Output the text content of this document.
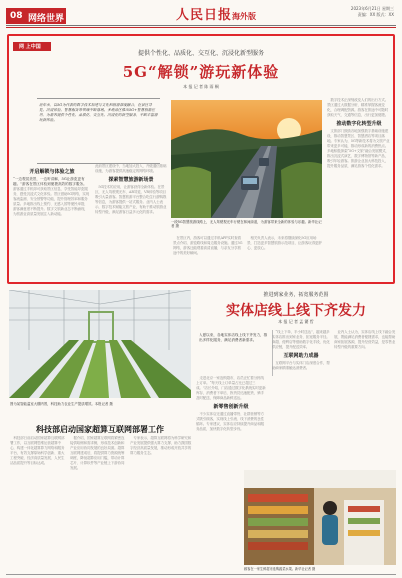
08 网络世界	人民日报海外版
2023年6月21日 星期三
责编：XX 版式：XX
网 上中国
提供个性化、品质化、交互化、沉浸化新型服务
5G“解锁”游玩新体验
本 报 记 者 陈 雨 桐

近年来，以5G为代表的数字技术加速与文化和旅游深度融合，在景区导览、沉浸体验、智慧服务等领域不断落地。多地景区推出5G+智慧旅游应用，为游客提供个性化、品质化、交互化、沉浸化的新型服务，不断丰富游玩新体验。

开启解锁与体验之旅
“一边观赏美景，一边听讲解，5G让游览更有趣。”游客在景区体验到便捷高效的数字服务。 　游客通过手机即可获取景区信息，享受智能导览服务，感受沉浸式文化体验。景区借助5G网络，实现客流监测、安全预警等功能，提升管理效率和服务质量。多地推出线上预约、无感入园等便民举措，游客满意度不断提升。数字文旅新业态不断涌现，为旅游业高质量发展注入新动能。
此前景区建设中，当地加大投入，升级通信基础设施，为游客提供高速稳定的网络环境。
探索智慧旅游新场景
　5G技术的应用，让游客获得全新体验。在景区，无人驾驶观光车、AR导览、VR体验等项目吸引大量游客。智慧旅游平台整合吃住行游购娱等信息，为游客提供一站式服务。业内人士表示，数字技术赋能文旅产业，有助于推动旅游业转型升级，满足游客日益多元化的需求。
一段5G智慧旅游线路上，无人驾驶观光车行驶在林间绿道，为游客带来全新的体验与乐趣。新华社记者 摄
　在景区内，游客可以通过手机APP实时查看景点介绍、游览路线和周边服务设施。通过5G网络，游客还能观看高清直播，与亲友分享旅途中的美好瞬间。
　相关负责人表示，未来将继续深化5G应用场景，打造更多智慧旅游示范项目，让游客玩得更舒心、更放心。
　数字技术正深刻改变人们的出行方式。景区通过大数据分析，精准掌握客流变化，合理调配资源。游客在旅途中可随时获取天气、交通等信息，出行更加便捷。
推动数字化转型升级
　文旅部门鼓励各地加强数字基础设施建设，推动智慧景区、智慧酒店等项目落地。专家认为，5G等新技术将为文旅产业带来更多可能，推动形成新的消费热点。多地积极探索“5G+文旅”融合发展模式，推出沉浸式演艺、数字博物馆等新产品，吸引年轻游客。旅游企业加大科技投入，提升服务品质，满足游客个性化需求。
图为某智能温室大棚内景，科技助力农业生产提质增效。本报记者 摄
科技部启动国家超算互联网部署工作
　科技部日前启动国家超算互联网部署工作，以互联网思维运营超算中心，构建一体化超算算力网络和服务平台，有效支撑原始科学创新、重大工程突破、经济高质量发展、人民生活品质提升等目标达成。
　据介绍，国家超算互联网将紧密连接供给侧和需求侧，形成技术创新和产业应用协同发展的良好局面。超算互联网建成后，将提供算力资源统筹调度，降低超算应用门槛，带动计算芯片、计算软件等产业链上下游协同发展。
　专家表示，超算互联网将为科学研究和产业发展提供强大算力支撑，助力我国数字经济高质量发展，推动形成开放共享的算力服务生态。
推进到家业务，拓宽服务范围
实体店线上线下齐发力
本 报 记 者 孟 繁 哲
入夏以来，各地实体店线上线下齐发力，推出多样化服务，满足消费者新需求。
　“线上下单，半小时送达”，越来越多实体店推出到家业务，拓宽服务半径。商超、便利店等借助数字化手段，优化供应链，提升配送效率。
互联网助力成器
　互联网平台与实体门店深度合作，帮助商家精准触达消费者。
　业内人士认为，实体店线上线下融合发展，既能满足消费者便捷需求，也能帮助商家拓展客源，提升经营效益，是零售业转型升级的重要方向。
　走进北京一家连锁超市，店员正忙着分拣线上订单。“每天线上订单量占比已超过三成。”店长介绍，门店通过数字化系统实时更新库存，消费者下单后，拣货员迅速配货，骑手及时配送，保障商品新鲜送达。
新零售创新升级
　不少实体店还通过直播带货、社群营销等方式吸引顾客，实现线上引流、线下消费的良性循环。专家建议，实体店应持续提升商品和服务品质，加快数字化转型步伐。
顾客在一家生鲜超市选购蔬菜水果。新华社记者 摄
